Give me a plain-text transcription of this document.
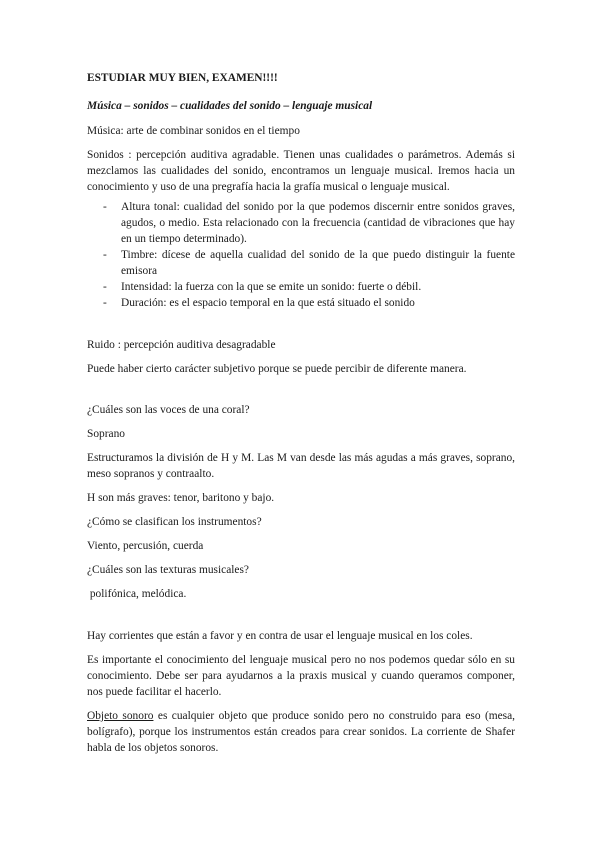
ESTUDIAR MUY BIEN, EXAMEN!!!!

Música – sonidos – cualidades del sonido – lenguaje musical

Música: arte de combinar sonidos en el tiempo

Sonidos : percepción auditiva agradable. Tienen unas cualidades o parámetros. Además si mezclamos las cualidades del sonido, encontramos un lenguaje musical. Iremos hacia un conocimiento y uso de una pregrafía hacia la grafía musical o lenguaje musical.

- Altura tonal: cualidad del sonido por la que podemos discernir entre sonidos graves, agudos, o medio. Esta relacionado con la frecuencia (cantidad de vibraciones que hay en un tiempo determinado).
- Timbre: dícese de aquella cualidad del sonido de la que puedo distinguir la fuente emisora
- Intensidad: la fuerza con la que se emite un sonido: fuerte o débil.
- Duración: es el espacio temporal en la que está situado el sonido

Ruido : percepción auditiva desagradable

Puede haber cierto carácter subjetivo porque se puede percibir de diferente manera.

¿Cuáles son las voces de una coral?

Soprano

Estructuramos la división de H y M. Las M van desde las más agudas a más graves, soprano, meso sopranos y contraalto.

H son más graves: tenor, baritono y bajo.

¿Cómo se clasifican los instrumentos?

Viento, percusión, cuerda

¿Cuáles son las texturas musicales?

polifónica, melódica.

Hay corrientes que están a favor y en contra de usar el lenguaje musical en los coles.

Es importante el conocimiento del lenguaje musical pero no nos podemos quedar sólo en su conocimiento. Debe ser para ayudarnos a la praxis musical y cuando queramos componer, nos puede facilitar el hacerlo.

Objeto sonoro es cualquier objeto que produce sonido pero no construido para eso (mesa, bolígrafo), porque los instrumentos están creados para crear sonidos. La corriente de Shafer habla de los objetos sonoros.
